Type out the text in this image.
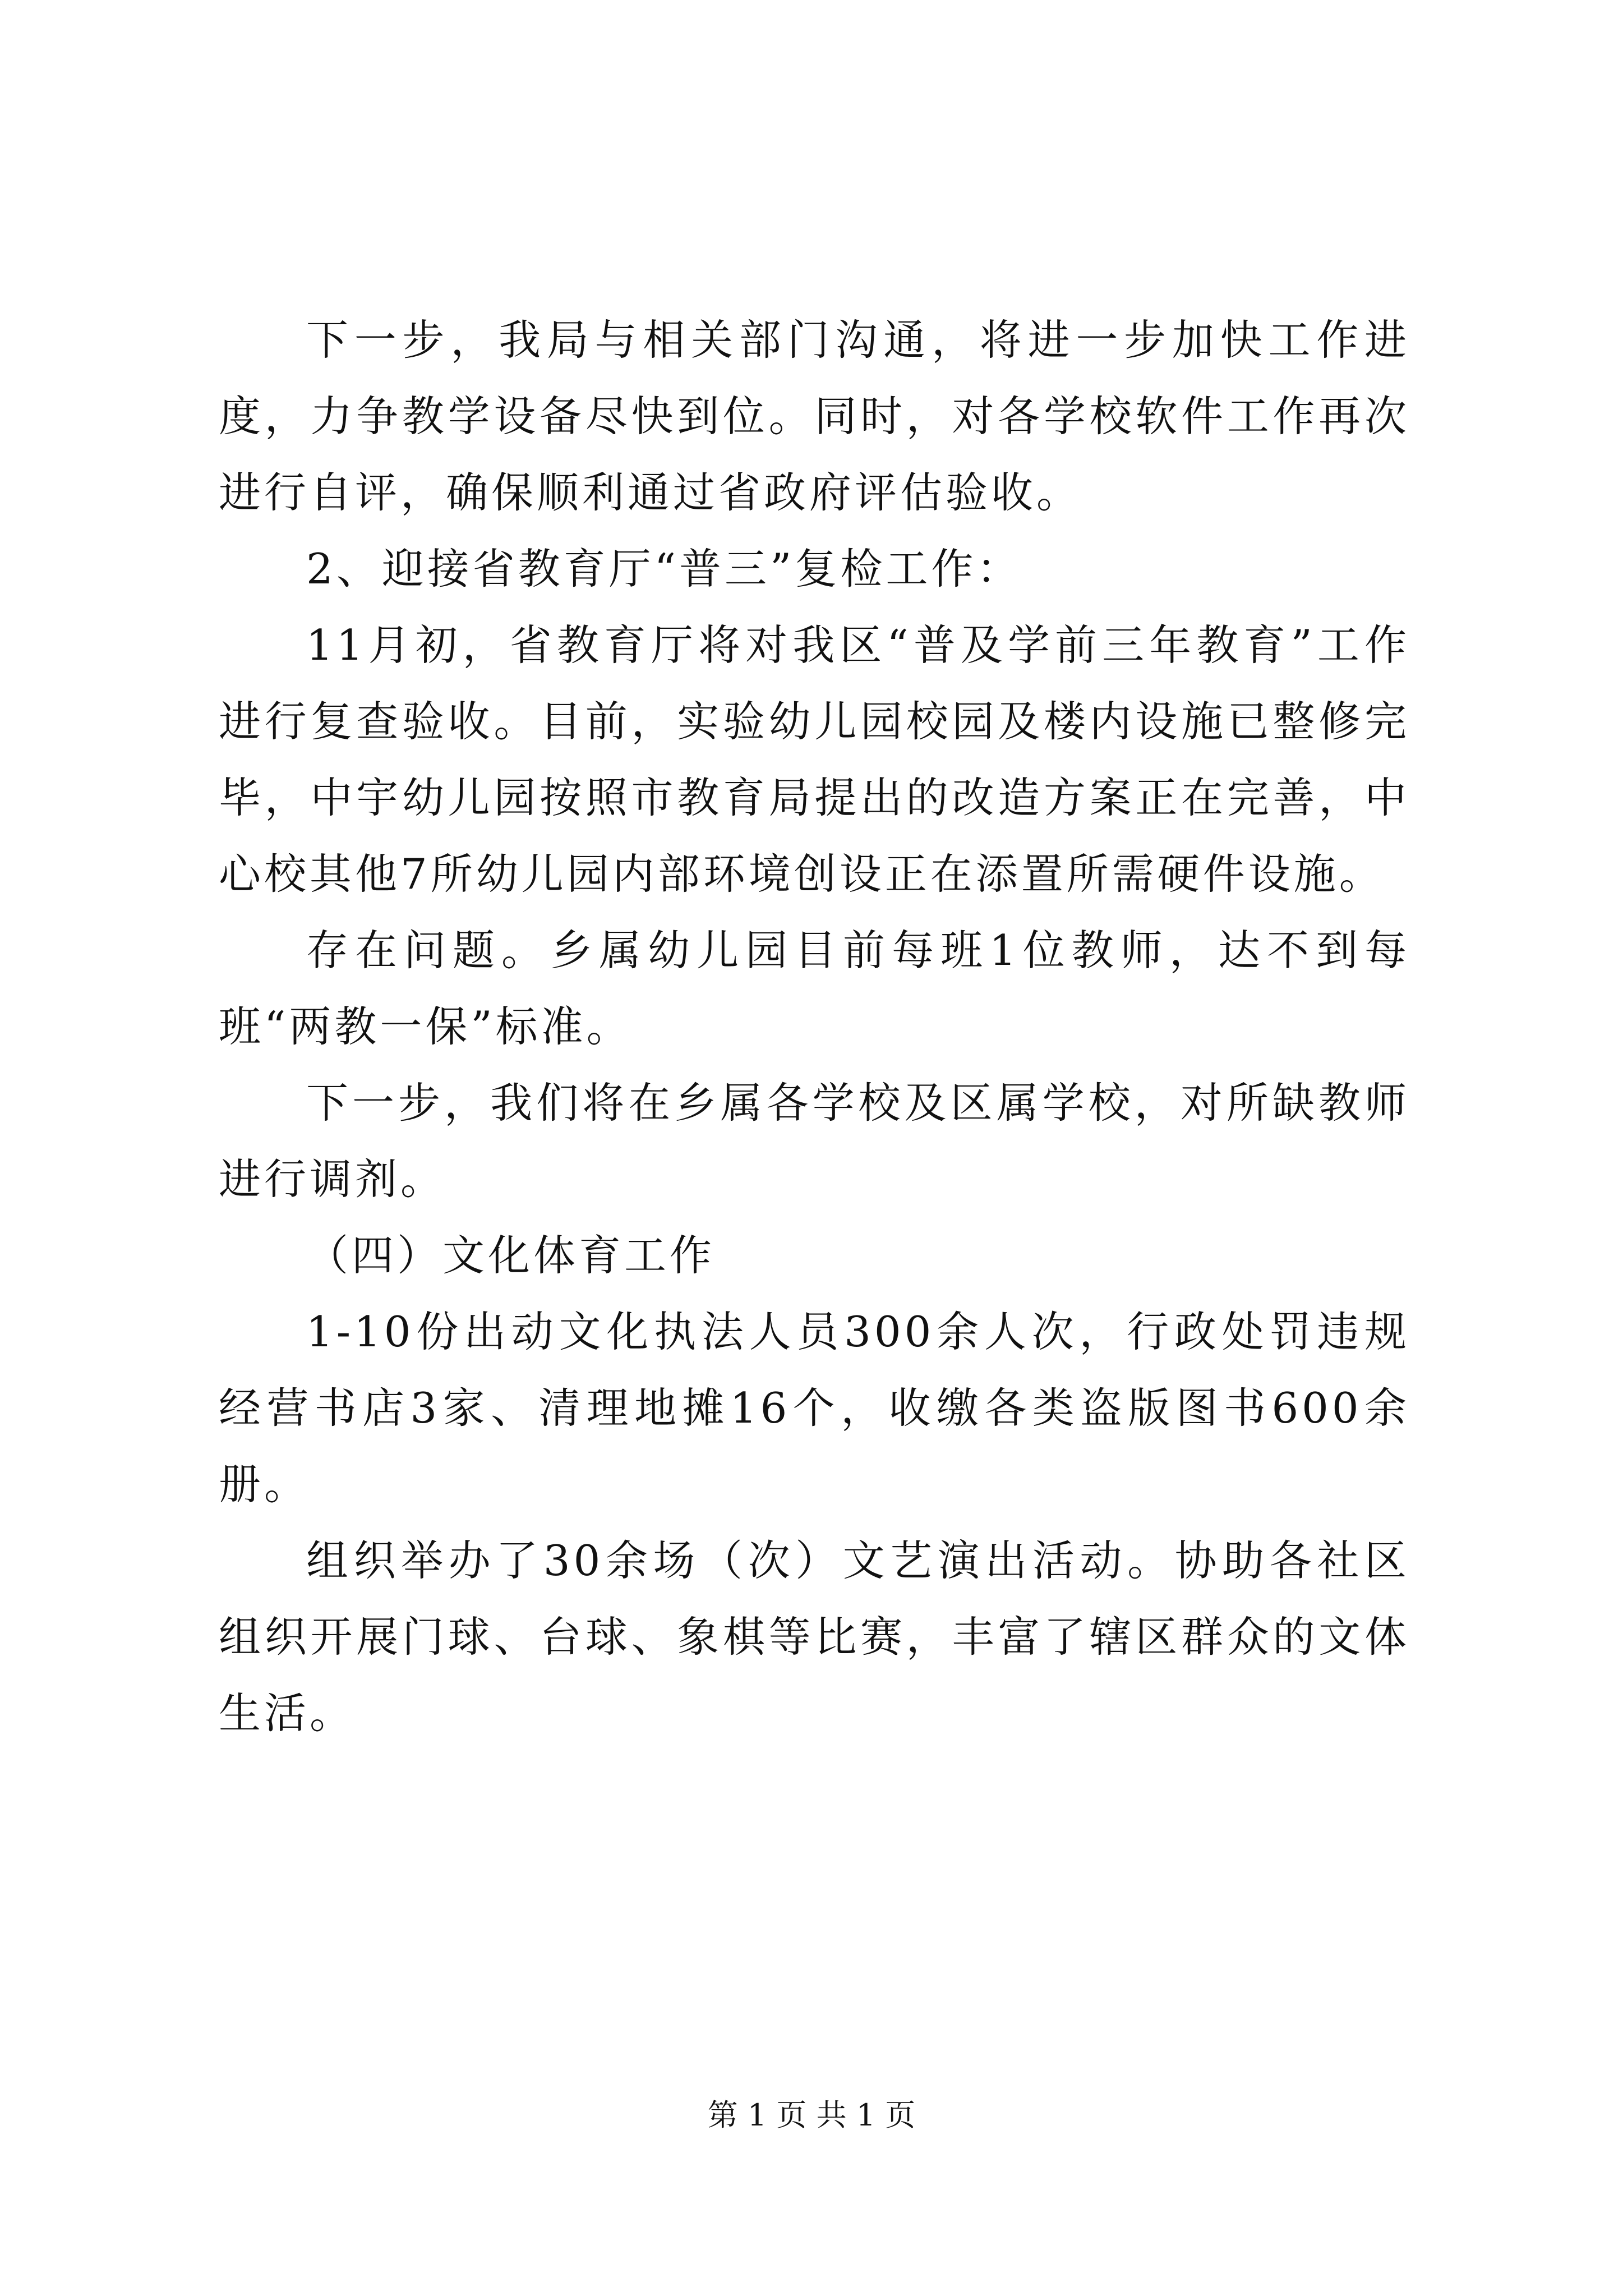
下一步，我局与相关部门沟通，将进一步加快工作进度，力争教学设备尽快到位。同时，对各学校软件工作再次进行自评，确保顺利通过省政府评估验收。

2、迎接省教育厅“普三”复检工作：

11月初，省教育厅将对我区“普及学前三年教育”工作进行复查验收。目前，实验幼儿园校园及楼内设施已整修完毕，中宇幼儿园按照市教育局提出的改造方案正在完善，中心校其他7所幼儿园内部环境创设正在添置所需硬件设施。

存在问题。乡属幼儿园目前每班1位教师，达不到每班“两教一保”标准。

下一步，我们将在乡属各学校及区属学校，对所缺教师进行调剂。

（四）文化体育工作

1-10份出动文化执法人员300余人次，行政处罚违规经营书店3家、清理地摊16个，收缴各类盗版图书600余册。

组织举办了30余场（次）文艺演出活动。协助各社区组织开展门球、台球、象棋等比赛，丰富了辖区群众的文体生活。

第 1 页 共 1 页
